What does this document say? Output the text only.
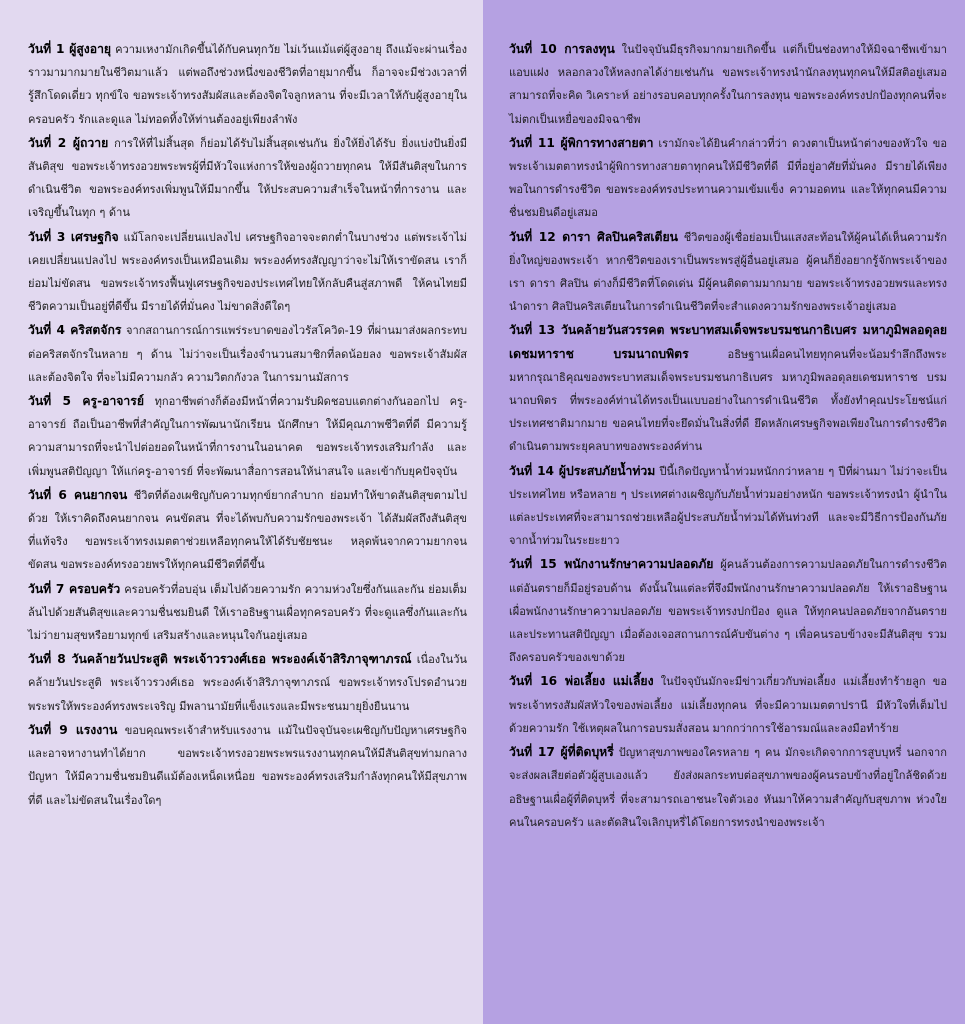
วันที่ 1 ผู้สูงอายุ ความเหงามักเกิดขึ้นได้กับคนทุกวัย ไม่เว้นแม้แต่ผู้สูงอายุ ถึงแม้จะผ่านเรื่องราวมามากมายในชีวิตมาแล้ว แต่พอถึงช่วงหนึ่งของชีวิตที่อายุมากขึ้น ก็อาจจะมีช่วงเวลาที่รู้สึกโดดเดี่ยว ทุกข์ใจ ขอพระเจ้าทรงสัมผัสและต้องจิตใจลูกหลาน ที่จะมีเวลาให้กับผู้สูงอายุในครอบครัว รักและดูแล ไม่ทอดทิ้งให้ท่านต้องอยู่เพียงลำพัง

วันที่ 2 ผู้ถวาย การให้ที่ไม่สิ้นสุด ก็ย่อมได้รับไม่สิ้นสุดเช่นกัน ยิ่งให้ยิ่งได้รับ ยิ่งแบ่งปันยิ่งมีสันติสุข ขอพระเจ้าทรงอวยพระพรผู้ที่มีหัวใจแห่งการให้ของผู้ถวายทุกคน ให้มีสันติสุขในการดำเนินชีวิต ขอพระองค์ทรงเพิ่มพูนให้มีมากขึ้น ให้ประสบความสำเร็จในหน้าที่การงาน และเจริญขึ้นในทุก ๆ ด้าน

วันที่ 3 เศรษฐกิจ แม้โลกจะเปลี่ยนแปลงไป เศรษฐกิจอาจจะตกต่ำในบางช่วง แต่พระเจ้าไม่เคยเปลี่ยนแปลงไป พระองค์ทรงเป็นเหมือนเดิม พระองค์ทรงสัญญาว่าจะไม่ให้เราขัดสน เราก็ย่อมไม่ขัดสน ขอพระเจ้าทรงฟื้นฟูเศรษฐกิจของประเทศไทยให้กลับคืนสู่สภาพดี ให้คนไทยมีชีวิตความเป็นอยู่ที่ดีขึ้น มีรายได้ที่มั่นคง ไม่ขาดสิ่งดีใดๆ

วันที่ 4 คริสตจักร จากสถานการณ์การแพร่ระบาดของไวรัสโควิด-19 ที่ผ่านมาส่งผลกระทบต่อคริสตจักรในหลาย ๆ ด้าน ไม่ว่าจะเป็นเรื่องจำนวนสมาชิกที่ลดน้อยลง ขอพระเจ้าสัมผัสและต้องจิตใจ ที่จะไม่มีความกลัว ความวิตกกังวล ในการมานมัสการ

วันที่ 5 ครู-อาจารย์ ทุกอาชีพต่างก็ต้องมีหน้าที่ความรับผิดชอบแตกต่างกันออกไป ครู-อาจารย์ ถือเป็นอาชีพที่สำคัญในการพัฒนานักเรียน นักศึกษา ให้มีคุณภาพชีวิตที่ดี มีความรู้ ความสามารถที่จะนำไปต่อยอดในหน้าที่การงานในอนาคต ขอพระเจ้าทรงเสริมกำลัง และเพิ่มพูนสติปัญญา ให้แก่ครู-อาจารย์ ที่จะพัฒนาสื่อการสอนให้น่าสนใจ และเข้ากับยุคปัจจุบัน

วันที่ 6 คนยากจน ชีวิตที่ต้องเผชิญกับความทุกข์ยากลำบาก ย่อมทำให้ขาดสันติสุขตามไปด้วย ให้เราคิดถึงคนยากจน คนขัดสน ที่จะได้พบกับความรักของพระเจ้า ได้สัมผัสถึงสันติสุขที่แท้จริง ขอพระเจ้าทรงเมตตาช่วยเหลือทุกคนให้ได้รับชัยชนะ หลุดพ้นจากความยากจน ขัดสน ขอพระองค์ทรงอวยพรให้ทุกคนมีชีวิตที่ดีขึ้น

วันที่ 7 ครอบครัว ครอบครัวที่อบอุ่น เต็มไปด้วยความรัก ความห่วงใยซึ่งกันและกัน ย่อมเต็มล้นไปด้วยสันติสุขและความชื่นชมยินดี ให้เราอธิษฐานเผื่อทุกครอบครัว ที่จะดูแลซึ่งกันและกัน ไม่ว่ายามสุขหรือยามทุกข์ เสริมสร้างและหนุนใจกันอยู่เสมอ

วันที่ 8 วันคล้ายวันประสูติ พระเจ้าวรวงศ์เธอ พระองค์เจ้าสิริภาจุฑาภรณ์ เนื่องในวันคล้ายวันประสูติ พระเจ้าวรวงศ์เธอ พระองค์เจ้าสิริภาจุฑาภรณ์ ขอพระเจ้าทรงโปรดอำนวยพระพรให้พระองค์ทรงพระเจริญ มีพลานามัยที่แข็งแรงและมีพระชนมายุยิ่งยืนนาน

วันที่ 9 แรงงาน ขอบคุณพระเจ้าสำหรับแรงงาน แม้ในปัจจุบันจะเผชิญกับปัญหาเศรษฐกิจ และอาจหางานทำได้ยาก ขอพระเจ้าทรงอวยพระพรแรงงานทุกคนให้มีสันติสุขท่ามกลางปัญหา ให้มีความชื่นชมยินดีแม้ต้องเหน็ดเหนื่อย ขอพระองค์ทรงเสริมกำลังทุกคนให้มีสุขภาพที่ดี และไม่ขัดสนในเรื่องใดๆ

วันที่ 10 การลงทุน ในปัจจุบันมีธุรกิจมากมายเกิดขึ้น แต่ก็เป็นช่องทางให้มิจฉาชีพเข้ามาแอบแฝง หลอกลวงให้หลงกลได้ง่ายเช่นกัน ขอพระเจ้าทรงนำนักลงทุนทุกคนให้มีสติอยู่เสมอ สามารถที่จะคิด วิเคราะห์ อย่างรอบคอบทุกครั้งในการลงทุน ขอพระองค์ทรงปกป้องทุกคนที่จะไม่ตกเป็นเหยื่อของมิจฉาชีพ

วันที่ 11 ผู้พิการทางสายตา เรามักจะได้ยินคำกล่าวที่ว่า ดวงตาเป็นหน้าต่างของหัวใจ ขอพระเจ้าเมตตาทรงนำผู้พิการทางสายตาทุกคนให้มีชีวิตที่ดี มีที่อยู่อาศัยที่มั่นคง มีรายได้เพียงพอในการดำรงชีวิต ขอพระองค์ทรงประทานความเข้มแข็ง ความอดทน และให้ทุกคนมีความชื่นชมยินดีอยู่เสมอ

วันที่ 12 ดารา ศิลปินคริสเตียน ชีวิตของผู้เชื่อย่อมเป็นแสงสะท้อนให้ผู้คนได้เห็นความรักยิ่งใหญ่ของพระเจ้า หากชีวิตของเราเป็นพระพรสู่ผู้อื่นอยู่เสมอ ผู้คนก็ยิ่งอยากรู้จักพระเจ้าของเรา ดารา ศิลปิน ต่างก็มีชีวิตที่โดดเด่น มีผู้คนติดตามมากมาย ขอพระเจ้าทรงอวยพรและทรงนำดารา ศิลปินคริสเตียนในการดำเนินชีวิตที่จะสำแดงความรักของพระเจ้าอยู่เสมอ

วันที่ 13 วันคล้ายวันสวรรคต พระบาทสมเด็จพระบรมชนกาธิเบศร มหาภูมิพลอดุลยเดชมหาราช บรมนาถบพิตร	อธิษฐานเผื่อคนไทยทุกคนที่จะน้อมรำลึกถึงพระมหากรุณาธิคุณของพระบาทสมเด็จพระบรมชนกาธิเบศร มหาภูมิพลอดุลยเดชมหาราช บรมนาถบพิตร ที่พระองค์ท่านได้ทรงเป็นแบบอย่างในการดำเนินชีวิต ทั้งยังทำคุณประโยชน์แก่ประเทศชาติมากมาย ขอคนไทยที่จะยึดมั่นในสิ่งที่ดี ยึดหลักเศรษฐกิจพอเพียงในการดำรงชีวิต ดำเนินตามพระยุคลบาทของพระองค์ท่าน

วันที่ 14 ผู้ประสบภัยน้ำท่วม ปีนี้เกิดปัญหาน้ำท่วมหนักกว่าหลาย ๆ ปีที่ผ่านมา ไม่ว่าจะเป็นประเทศไทย หรือหลาย ๆ ประเทศต่างเผชิญกับภัยน้ำท่วมอย่างหนัก ขอพระเจ้าทรงนำ ผู้นำในแต่ละประเทศที่จะสามารถช่วยเหลือผู้ประสบภัยน้ำท่วมได้ทันท่วงที และจะมีวิธีการป้องกันภัยจากน้ำท่วมในระยะยาว

วันที่ 15 พนักงานรักษาความปลอดภัย ผู้คนล้วนต้องการความปลอดภัยในการดำรงชีวิต แต่อันตรายก็มีอยู่รอบด้าน ดังนั้นในแต่ละที่จึงมีพนักงานรักษาความปลอดภัย ให้เราอธิษฐานเผื่อพนักงานรักษาความปลอดภัย ขอพระเจ้าทรงปกป้อง ดูแล ให้ทุกคนปลอดภัยจากอันตราย และประทานสติปัญญา เมื่อต้องเจอสถานการณ์คับขันต่าง ๆ เพื่อคนรอบข้างจะมีสันติสุข รวมถึงครอบครัวของเขาด้วย

วันที่ 16 พ่อเลี้ยง แม่เลี้ยง ในปัจจุบันมักจะมีข่าวเกี่ยวกับพ่อเลี้ยง แม่เลี้ยงทำร้ายลูก ขอพระเจ้าทรงสัมผัสหัวใจของพ่อเลี้ยง แม่เลี้ยงทุกคน ที่จะมีความเมตตาปรานี มีหัวใจที่เต็มไปด้วยความรัก ใช้เหตุผลในการอบรมสั่งสอน มากกว่าการใช้อารมณ์และลงมือทำร้าย

วันที่ 17 ผู้ที่ติดบุหรี่ ปัญหาสุขภาพของใครหลาย ๆ คน มักจะเกิดจากการสูบบุหรี่ นอกจากจะส่งผลเสียต่อตัวผู้สูบเองแล้ว ยังส่งผลกระทบต่อสุขภาพของผู้คนรอบข้างที่อยู่ใกล้ชิดด้วย อธิษฐานเผื่อผู้ที่ติดบุหรี่ ที่จะสามารถเอาชนะใจตัวเอง หันมาให้ความสำคัญกับสุขภาพ ห่วงใยคนในครอบครัว และตัดสินใจเลิกบุหรี่ได้โดยการทรงนำของพระเจ้า
